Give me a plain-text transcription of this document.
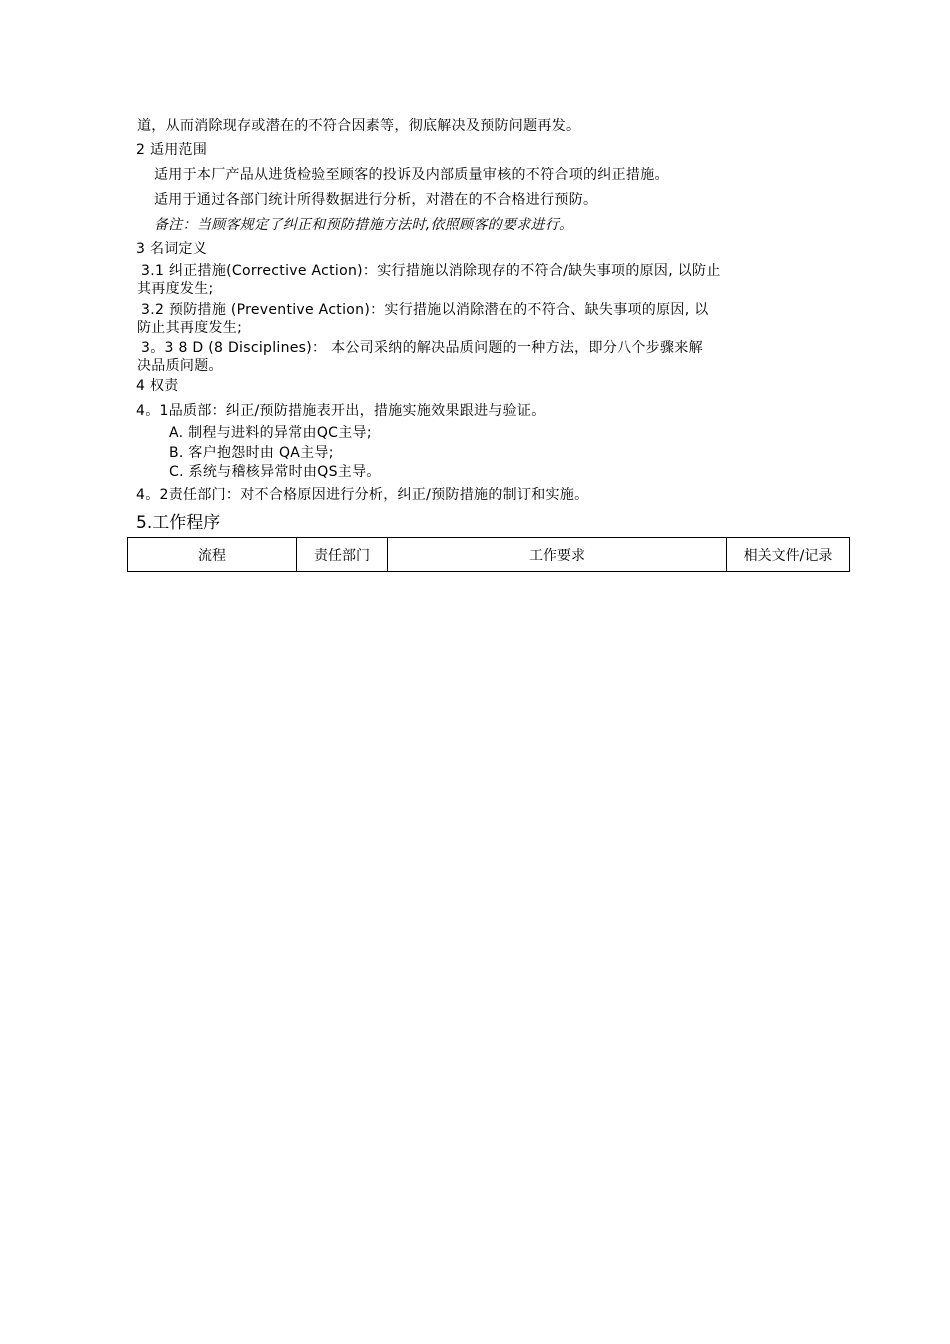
道，从而消除现存或潜在的不符合因素等，彻底解决及预防问题再发。
2 适用范围
适用于本厂产品从进货检验至顾客的投诉及内部质量审核的不符合项的纠正措施。
适用于通过各部门统计所得数据进行分析，对潜在的不合格进行预防。
备注：当顾客规定了纠正和预防措施方法时,依照顾客的要求进行。
3 名词定义
3.1 纠正措施(Corrective Action)：实行措施以消除现存的不符合/缺失事项的原因, 以防止
其再度发生;
3.2 预防措施 (Preventive Action)：实行措施以消除潜在的不符合、缺失事项的原因, 以
防止其再度发生;
3。3 8 D (8 Disciplines)： 本公司采纳的解决品质问题的一种方法，即分八个步骤来解
决品质问题。
4 权责
4。1品质部：纠正/预防措施表开出，措施实施效果跟进与验证。
A. 制程与进料的异常由QC主导;
B. 客户抱怨时由 QA主导;
C. 系统与稽核异常时由QS主导。
4。2责任部门：对不合格原因进行分析，纠正/预防措施的制订和实施。
5.工作程序
流程	责任部门	工作要求	相关文件/记录
